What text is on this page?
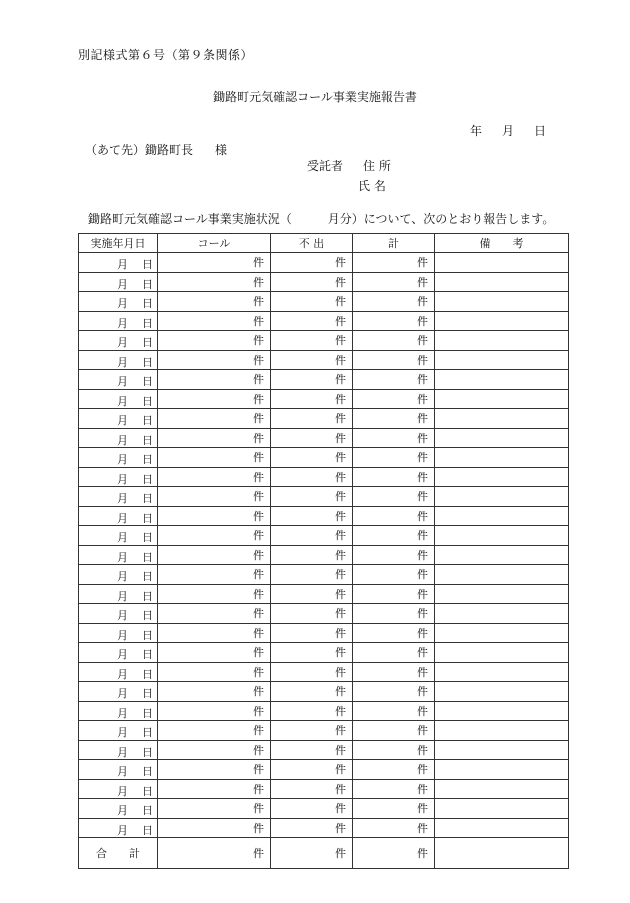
別記様式第６号（第９条関係）
鋤路町元気確認コール事業実施報告書
年 月 日
（あて先）鋤路町長 様
受託者 住 所
氏 名
鋤路町元気確認コール事業実施状況（　　　月分）について、次のとおり報告します。
実施年月日	コール	不 出	計	備　　考

月 日	件	件	件	

月 日	件	件	件	

月 日	件	件	件	

月 日	件	件	件	

月 日	件	件	件	

月 日	件	件	件	

月 日	件	件	件	

月 日	件	件	件	

月 日	件	件	件	

月 日	件	件	件	

月 日	件	件	件	

月 日	件	件	件	

月 日	件	件	件	

月 日	件	件	件	

月 日	件	件	件	

月 日	件	件	件	

月 日	件	件	件	

月 日	件	件	件	

月 日	件	件	件	

月 日	件	件	件	

月 日	件	件	件	

月 日	件	件	件	

月 日	件	件	件	

月 日	件	件	件	

月 日	件	件	件	

月 日	件	件	件	

月 日	件	件	件	

月 日	件	件	件	

月 日	件	件	件	

月 日	件	件	件	
合 計	件	件	件	
